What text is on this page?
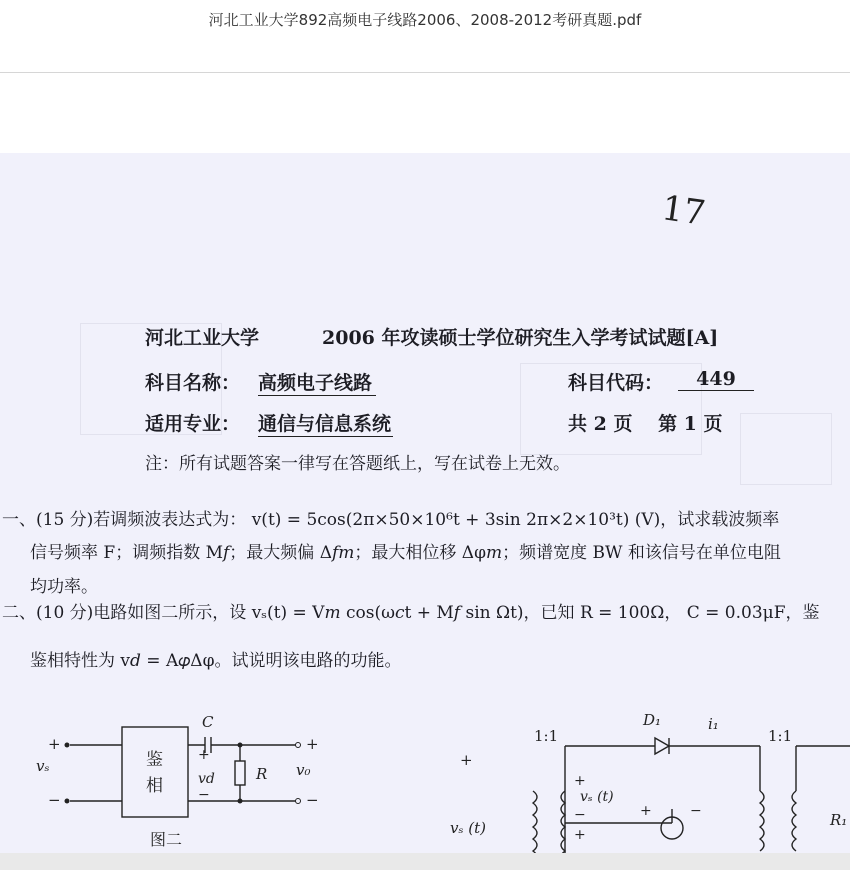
河北工业大学892高频电子线路2006、2008-2012考研真题.pdf
17
河北工业大学	2006 年攻读硕士学位研究生入学考试试题[A]
科目名称： 高频电子线路	科目代码：	449
适用专业： 通信与信息系统	共 2 页　 第 1 页
注：所有试题答案一律写在答题纸上，写在试卷上无效。
一、(15 分)若调频波表达式为： v(t) = 5cos(2π×50×10⁶t + 3sin 2π×2×10³t) (V)，试求载波频率
信号频率 F；调频指数 M𝑓；最大频偏 Δ𝑓𝑚；最大相位移 Δφ𝑚；频谱宽度 BW 和该信号在单位电阻
均功率。
二、(10 分)电路如图二所示，设 vₛ(t) = V𝑚 cos(ω𝑐t + M𝑓 sin Ωt)，已知 R = 100Ω， C = 0.03μF，鉴
鉴相特性为 v𝑑 = A𝜑Δφ。试说明该电路的功能。
+
−
vₛ	鉴
相
C
R
+
v𝑑
−
v₀
+
−
图二
1:1	1:1
D₁	i₁
+
+
vₛ (t)
−
+
vₛ (t)
+	−	R₁
